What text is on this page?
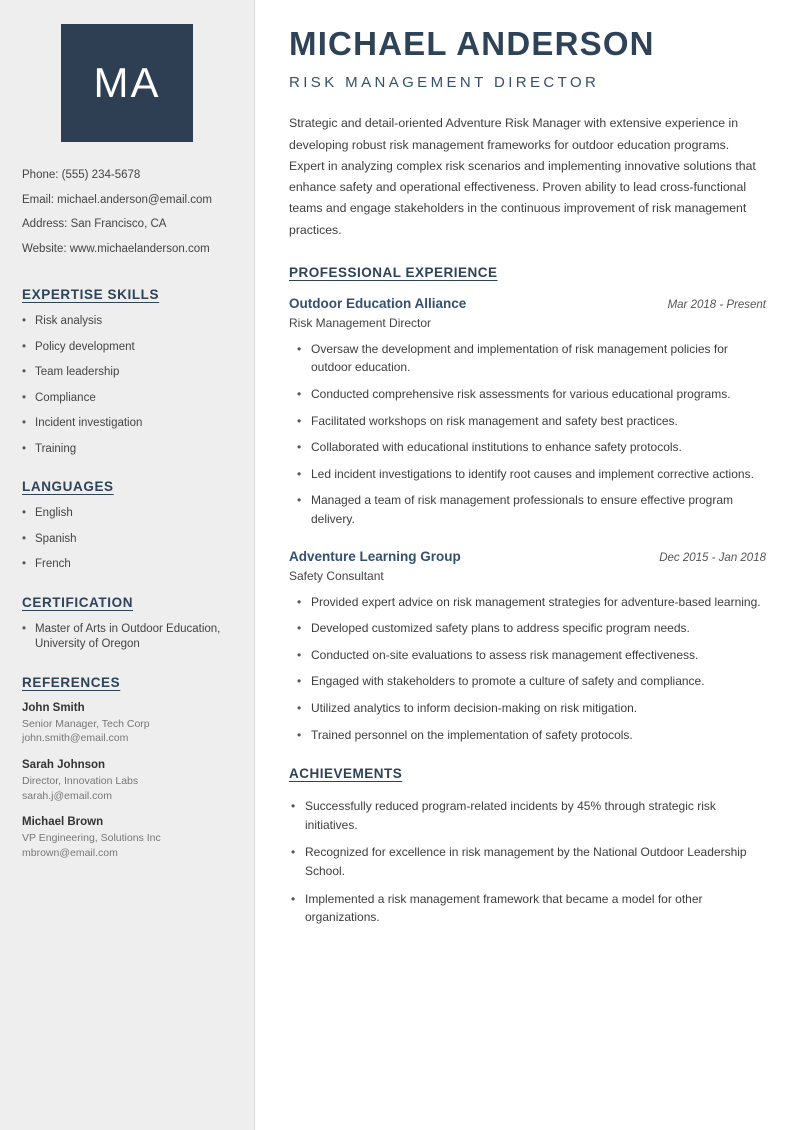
MA
Phone: (555) 234-5678
Email: michael.anderson@email.com
Address: San Francisco, CA
Website: www.michaelanderson.com
EXPERTISE SKILLS
• Risk analysis
• Policy development
• Team leadership
• Compliance
• Incident investigation
• Training
LANGUAGES
• English
• Spanish
• French
CERTIFICATION
• Master of Arts in Outdoor Education, University of Oregon
REFERENCES
John Smith
Senior Manager, Tech Corp
john.smith@email.com
Sarah Johnson
Director, Innovation Labs
sarah.j@email.com
Michael Brown
VP Engineering, Solutions Inc
mbrown@email.com
MICHAEL ANDERSON
RISK MANAGEMENT DIRECTOR

Strategic and detail-oriented Adventure Risk Manager with extensive experience in developing robust risk management frameworks for outdoor education programs. Expert in analyzing complex risk scenarios and implementing innovative solutions that enhance safety and operational effectiveness. Proven ability to lead cross-functional teams and engage stakeholders in the continuous improvement of risk management practices.

PROFESSIONAL EXPERIENCE
Outdoor Education Alliance	Mar 2018 - Present
Risk Management Director
• Oversaw the development and implementation of risk management policies for outdoor education.
• Conducted comprehensive risk assessments for various educational programs.
• Facilitated workshops on risk management and safety best practices.
• Collaborated with educational institutions to enhance safety protocols.
• Led incident investigations to identify root causes and implement corrective actions.
• Managed a team of risk management professionals to ensure effective program delivery.
Adventure Learning Group	Dec 2015 - Jan 2018
Safety Consultant
• Provided expert advice on risk management strategies for adventure-based learning.
• Developed customized safety plans to address specific program needs.
• Conducted on-site evaluations to assess risk management effectiveness.
• Engaged with stakeholders to promote a culture of safety and compliance.
• Utilized analytics to inform decision-making on risk mitigation.
• Trained personnel on the implementation of safety protocols.
ACHIEVEMENTS
• Successfully reduced program-related incidents by 45% through strategic risk initiatives.
• Recognized for excellence in risk management by the National Outdoor Leadership School.
• Implemented a risk management framework that became a model for other organizations.
